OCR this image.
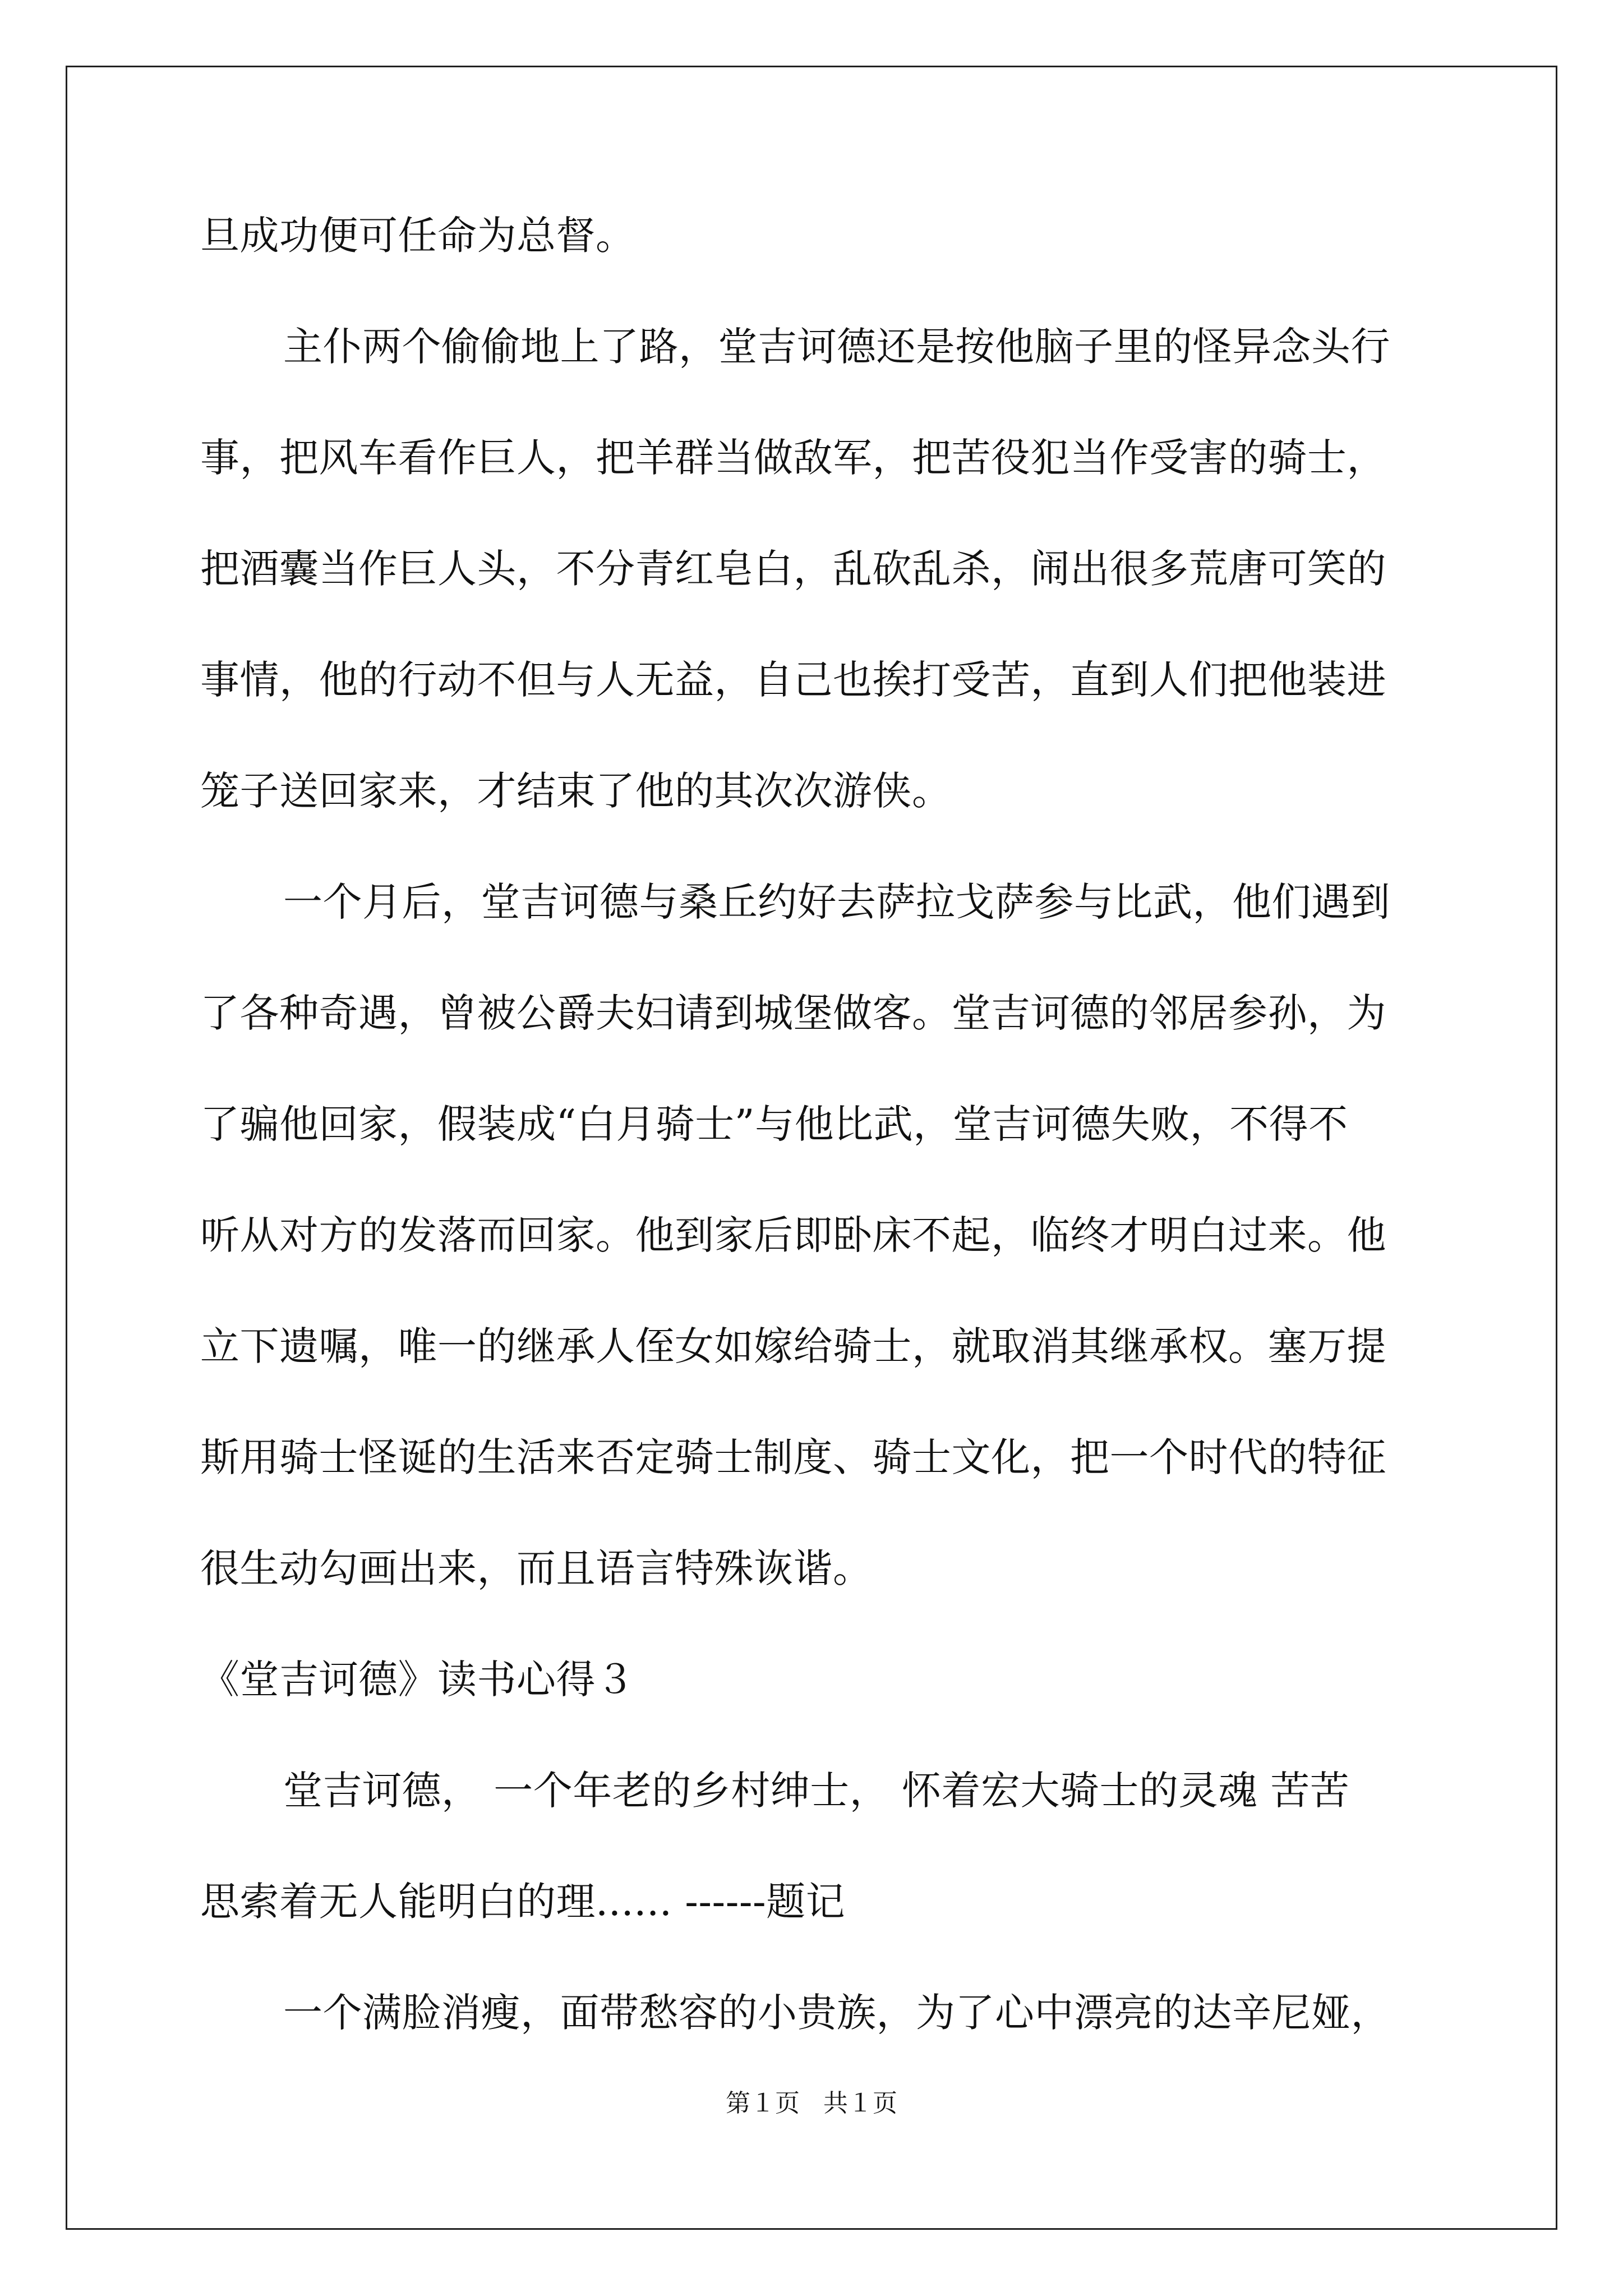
旦成功便可任命为总督。
主仆两个偷偷地上了路，堂吉诃德还是按他脑子里的怪异念头行
事，把风车看作巨人，把羊群当做敌军，把苦役犯当作受害的骑士，
把酒囊当作巨人头，不分青红皂白，乱砍乱杀，闹出很多荒唐可笑的
事情，他的行动不但与人无益，自己也挨打受苦，直到人们把他装进
笼子送回家来，才结束了他的其次次游侠。
一个月后，堂吉诃德与桑丘约好去萨拉戈萨参与比武，他们遇到
了各种奇遇，曾被公爵夫妇请到城堡做客。堂吉诃德的邻居参孙，为
了骗他回家，假装成“白月骑士”与他比武，堂吉诃德失败，不得不
听从对方的发落而回家。他到家后即卧床不起，临终才明白过来。他
立下遗嘱，唯一的继承人侄女如嫁给骑士，就取消其继承权。塞万提
斯用骑士怪诞的生活来否定骑士制度、骑士文化，把一个时代的特征
很生动勾画出来，而且语言特殊诙谐。
《堂吉诃德》读书心得３
堂吉诃德， 一个年老的乡村绅士， 怀着宏大骑士的灵魂 苦苦
思索着无人能明白的理...... ------题记
一个满脸消瘦，面带愁容的小贵族，为了心中漂亮的达辛尼娅，
第１页 共１页
